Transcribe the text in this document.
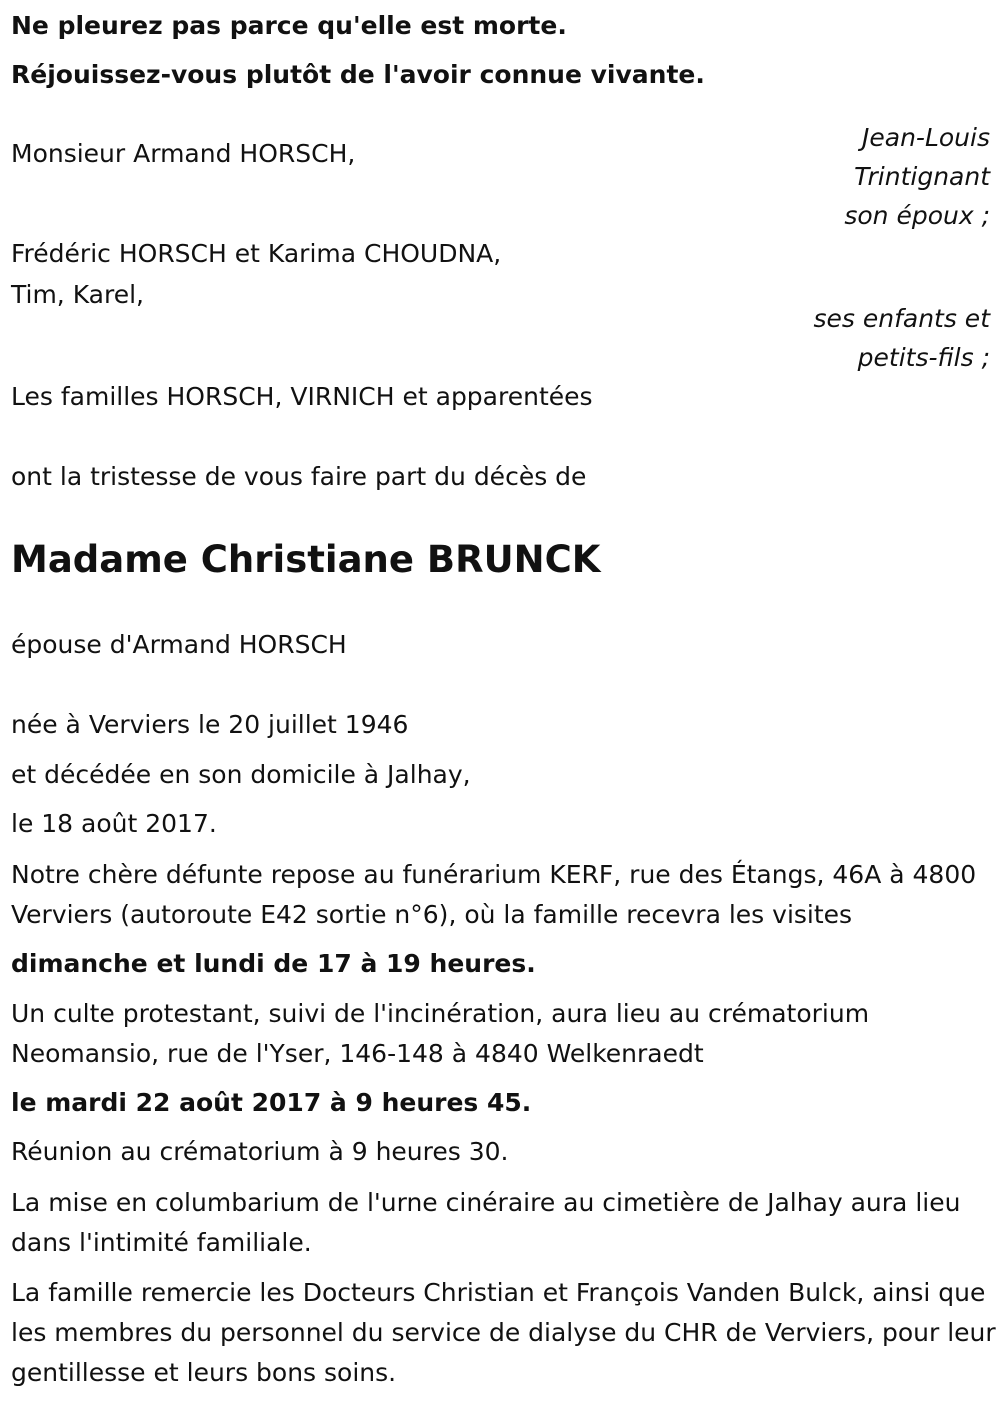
Ne pleurez pas parce qu'elle est morte.

Réjouissez-vous plutôt de l'avoir connue vivante.

Monsieur Armand HORSCH,

Jean-Louis
Trintignant
son époux ;

Frédéric HORSCH et Karima CHOUDNA,

Tim, Karel,

ses enfants et
petits-fils ;

Les familles HORSCH, VIRNICH et apparentées

ont la tristesse de vous faire part du décès de

Madame Christiane BRUNCK

épouse d'Armand HORSCH

née à Verviers le 20 juillet 1946

et décédée en son domicile à Jalhay,

le 18 août 2017.

Notre chère défunte repose au funérarium KERF, rue des Étangs, 46A à 4800 Verviers (autoroute E42 sortie n°6), où la famille recevra les visites

dimanche et lundi de 17 à 19 heures.

Un culte protestant, suivi de l'incinération, aura lieu au crématorium Neomansio, rue de l'Yser, 146-148 à 4840 Welkenraedt

le mardi 22 août 2017 à 9 heures 45.

Réunion au crématorium à 9 heures 30.

La mise en columbarium de l'urne cinéraire au cimetière de Jalhay aura lieu dans l'intimité familiale.

La famille remercie les Docteurs Christian et François Vanden Bulck, ainsi que les membres du personnel du service de dialyse du CHR de Verviers, pour leur gentillesse et leurs bons soins.
